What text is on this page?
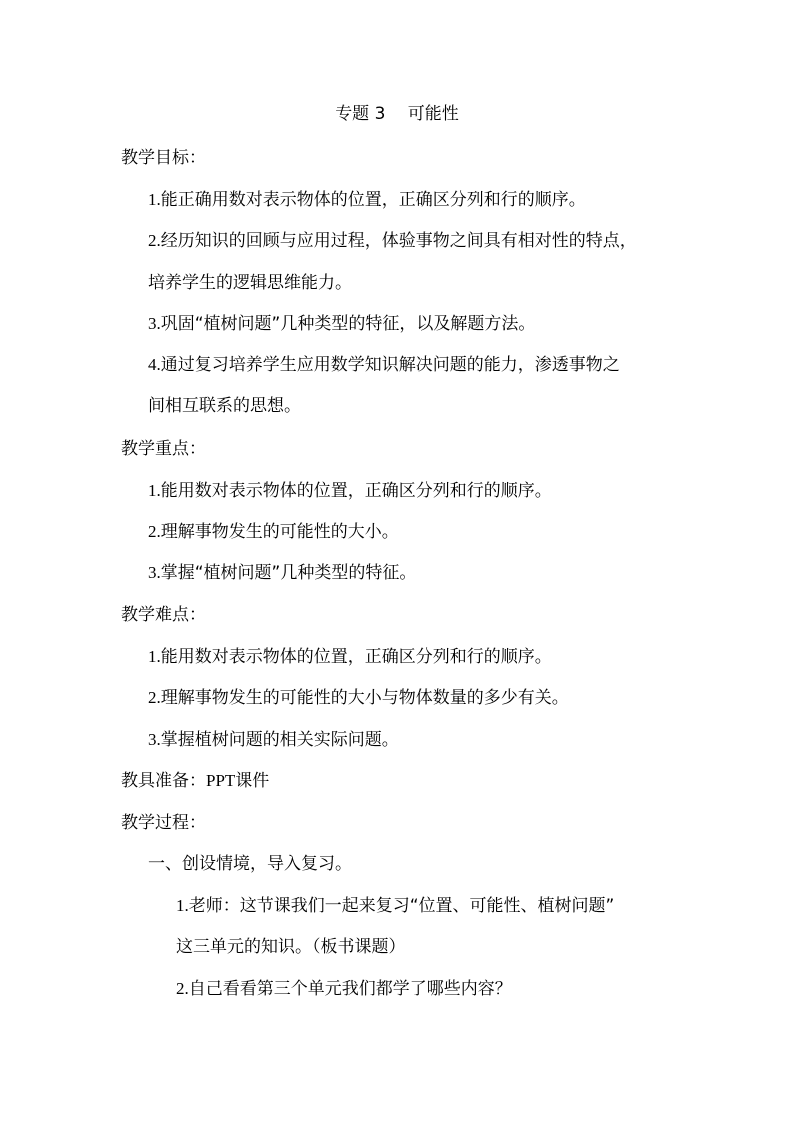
专题 3　 可能性
教学目标：
1.能正确用数对表示物体的位置，正确区分列和行的顺序。
2.经历知识的回顾与应用过程，体验事物之间具有相对性的特点，
培养学生的逻辑思维能力。
3.巩固“植树问题”几种类型的特征，以及解题方法。
4.通过复习培养学生应用数学知识解决问题的能力，渗透事物之
间相互联系的思想。
教学重点：
1.能用数对表示物体的位置，正确区分列和行的顺序。
2.理解事物发生的可能性的大小。
3.掌握“植树问题”几种类型的特征。
教学难点：
1.能用数对表示物体的位置，正确区分列和行的顺序。
2.理解事物发生的可能性的大小与物体数量的多少有关。
3.掌握植树问题的相关实际问题。
教具准备：PPT课件
教学过程：
一、创设情境，导入复习。
1.老师：这节课我们一起来复习“位置、可能性、植树问题”
这三单元的知识。（板书课题）
2.自己看看第三个单元我们都学了哪些内容？
